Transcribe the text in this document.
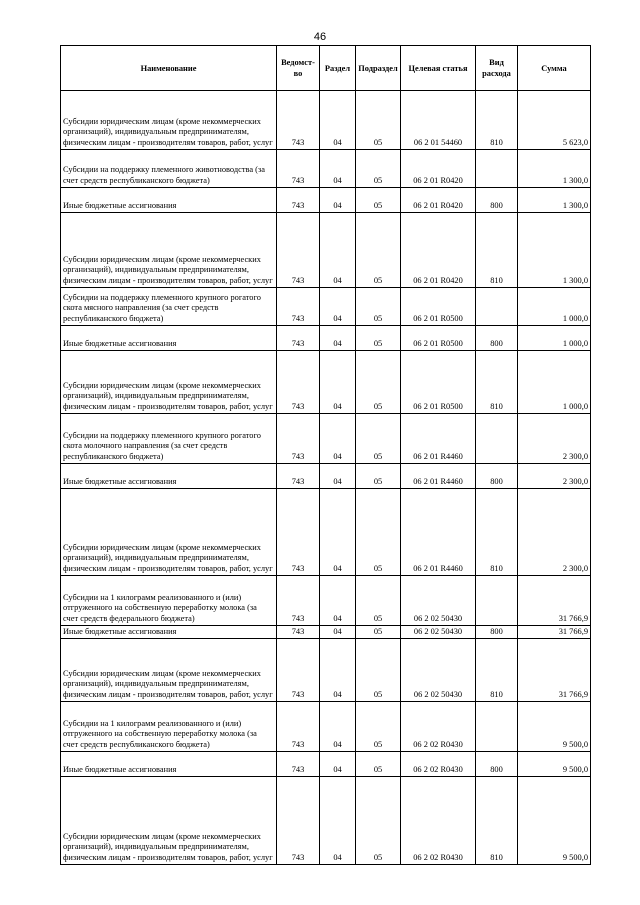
46
Наименование	Ведомст-во	Раздел	Подраздел	Целевая статья	Вид расхода	Сумма
Субсидии юридическим лицам (кроме некоммерческих организаций), индивидуальным предпринимателям, физическим лицам - производителям товаров, работ, услуг	743	04	05	06 2 01 54460	810	5 623,0
Субсидии на поддержку племенного животноводства (за счет средств республиканского бюджета)	743	04	05	06 2 01 R0420		1 300,0
Иные бюджетные ассигнования	743	04	05	06 2 01 R0420	800	1 300,0
Субсидии юридическим лицам (кроме некоммерческих организаций), индивидуальным предпринимателям, физическим лицам - производителям товаров, работ, услуг	743	04	05	06 2 01 R0420	810	1 300,0
Субсидии на поддержку племенного крупного рогатого скота мясного направления (за счет средств республиканского бюджета)	743	04	05	06 2 01 R0500		1 000,0
Иные бюджетные ассигнования	743	04	05	06 2 01 R0500	800	1 000,0
Субсидии юридическим лицам (кроме некоммерческих организаций), индивидуальным предпринимателям, физическим лицам - производителям товаров, работ, услуг	743	04	05	06 2 01 R0500	810	1 000,0
Субсидии на поддержку племенного крупного рогатого скота молочного направления (за счет средств республиканского бюджета)	743	04	05	06 2 01 R4460		2 300,0
Иные бюджетные ассигнования	743	04	05	06 2 01 R4460	800	2 300,0
Субсидии юридическим лицам (кроме некоммерческих организаций), индивидуальным предпринимателям, физическим лицам - производителям товаров, работ, услуг	743	04	05	06 2 01 R4460	810	2 300,0
Субсидии на 1 килограмм реализованного и (или) отгруженного на собственную переработку молока (за счет средств федерального бюджета)	743	04	05	06 2 02 50430		31 766,9
Иные бюджетные ассигнования	743	04	05	06 2 02 50430	800	31 766,9
Субсидии юридическим лицам (кроме некоммерческих организаций), индивидуальным предпринимателям, физическим лицам - производителям товаров, работ, услуг	743	04	05	06 2 02 50430	810	31 766,9
Субсидии на 1 килограмм реализованного и (или) отгруженного на собственную переработку молока (за счет средств республиканского бюджета)	743	04	05	06 2 02 R0430		9 500,0
Иные бюджетные ассигнования	743	04	05	06 2 02 R0430	800	9 500,0
Субсидии юридическим лицам (кроме некоммерческих организаций), индивидуальным предпринимателям, физическим лицам - производителям товаров, работ, услуг	743	04	05	06 2 02 R0430	810	9 500,0
